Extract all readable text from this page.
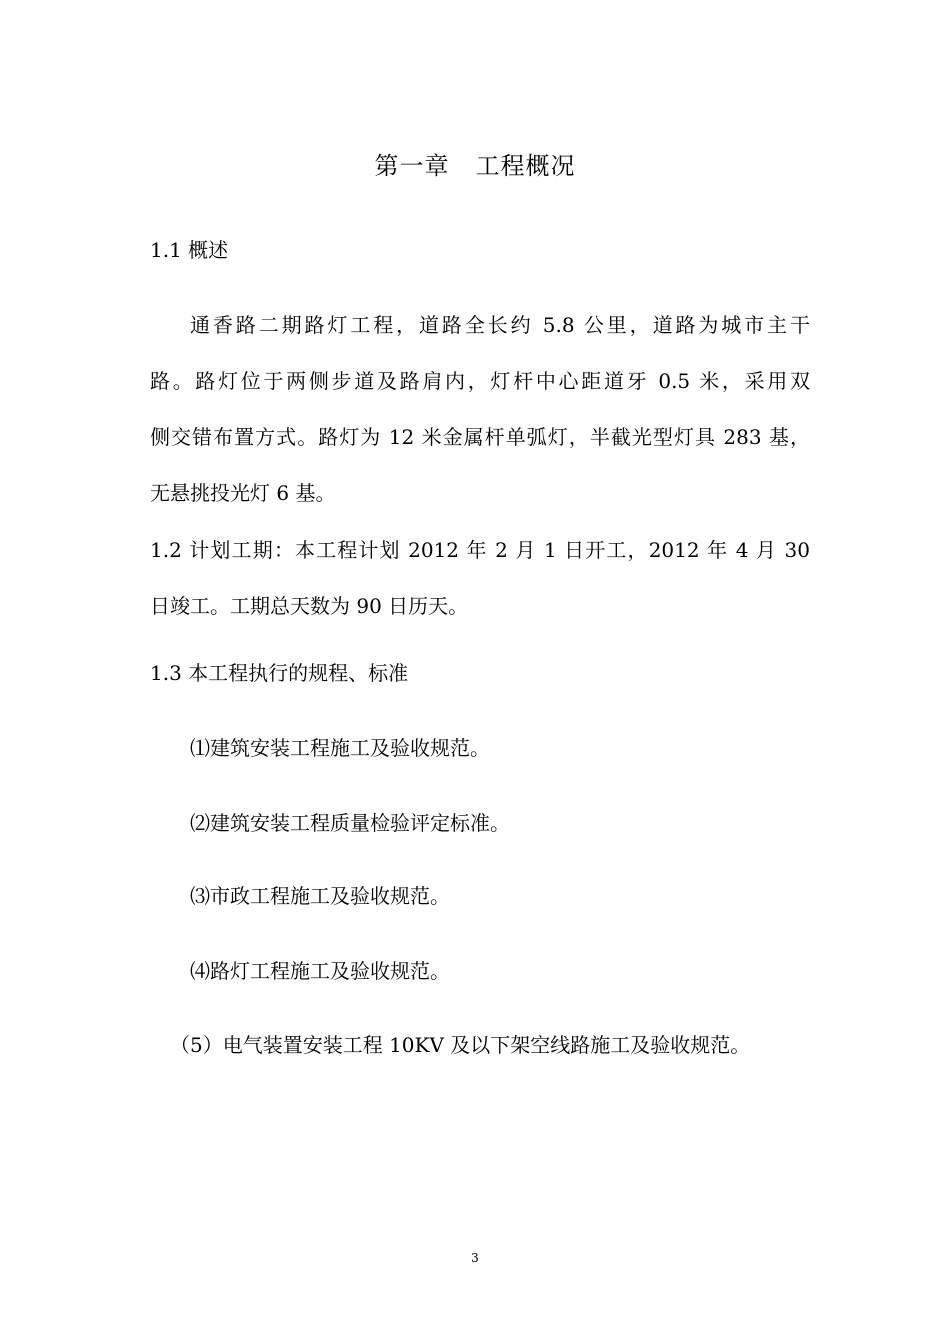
第一章 工程概况

1.1 概述

通香路二期路灯工程，道路全长约 5.8 公里，道路为城市主干
路。路灯位于两侧步道及路肩内，灯杆中心距道牙 0.5 米，采用双
侧交错布置方式。路灯为 12 米金属杆单弧灯，半截光型灯具 283 基，
无悬挑投光灯 6 基。
1.2 计划工期：本工程计划 2012 年 2 月 1 日开工，2012 年 4 月 30
日竣工。工期总天数为 90 日历天。

1.3 本工程执行的规程、标准

⑴建筑安装工程施工及验收规范。

⑵建筑安装工程质量检验评定标准。

⑶市政工程施工及验收规范。

⑷路灯工程施工及验收规范。

（5）电气装置安装工程 10KV 及以下架空线路施工及验收规范。

3
